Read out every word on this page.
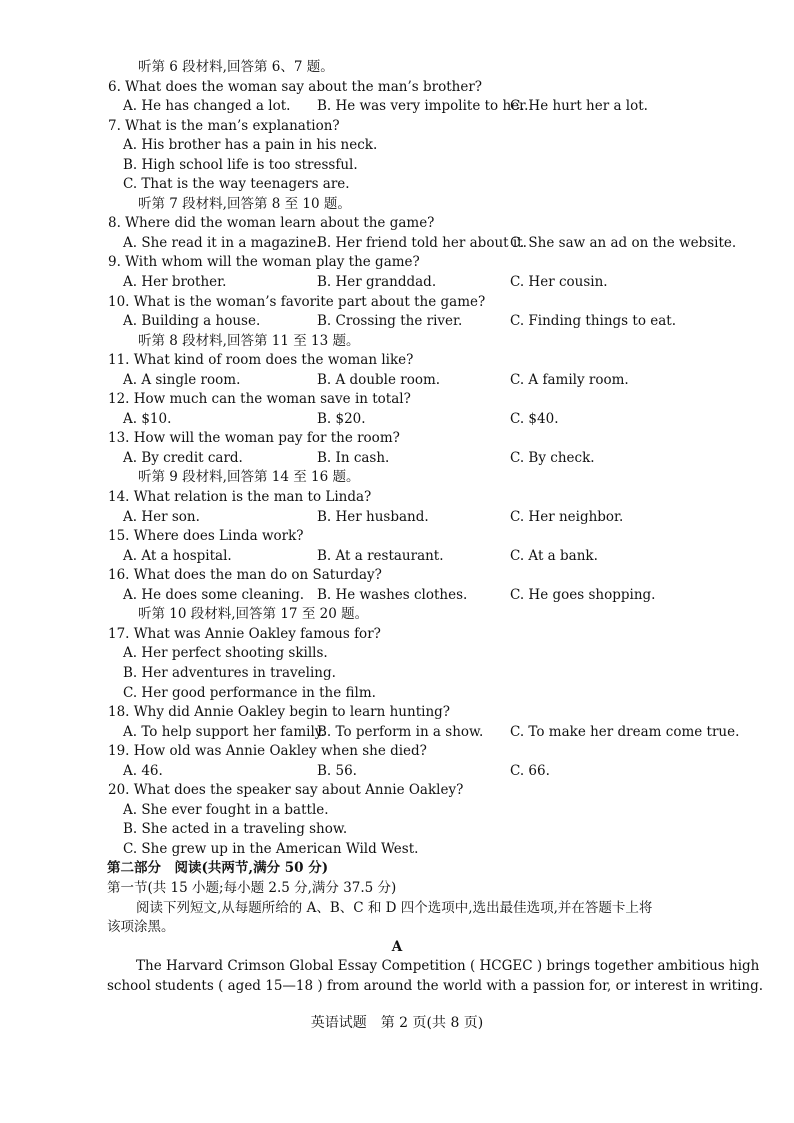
听第 6 段材料,回答第 6、7 题。
6. What does the woman say about the man’s brother?
A. He has changed a lot. B. He was very impolite to her.
C. He hurt her a lot.
7. What is the man’s explanation?
A. His brother has a pain in his neck.
B. High school life is too stressful.
C. That is the way teenagers are.
听第 7 段材料,回答第 8 至 10 题。
8. Where did the woman learn about the game?
A. She read it in a magazine.
B. Her friend told her about it.
C. She saw an ad on the website.
9. With whom will the woman play the game?
A. Her brother.	B. Her granddad.	C. Her cousin.
10. What is the woman’s favorite part about the game?
A. Building a house.	B. Crossing the river.	C. Finding things to eat.
听第 8 段材料,回答第 11 至 13 题。
11. What kind of room does the woman like?
A. A single room.	B. A double room.	C. A family room.
12. How much can the woman save in total?
A. $10.	B. $20.	C. $40.
13. How will the woman pay for the room?
A. By credit card.	B. In cash.	C. By check.
听第 9 段材料,回答第 14 至 16 题。
14. What relation is the man to Linda?
A. Her son.	B. Her husband.	C. Her neighbor.
15. Where does Linda work?
A. At a hospital.	B. At a restaurant.	C. At a bank.
16. What does the man do on Saturday?
A. He does some cleaning. B. He washes clothes.	C. He goes shopping.
听第 10 段材料,回答第 17 至 20 题。
17. What was Annie Oakley famous for?
A. Her perfect shooting skills.
B. Her adventures in traveling.
C. Her good performance in the film.
18. Why did Annie Oakley begin to learn hunting?
A. To help support her family.
B. To perform in a show. C. To make her dream come true.
19. How old was Annie Oakley when she died?
A. 46.	B. 56.	C. 66.
20. What does the speaker say about Annie Oakley?
A. She ever fought in a battle.
B. She acted in a traveling show.
C. She grew up in the American Wild West.
第二部分　阅读(共两节,满分 50 分)
第一节(共 15 小题;每小题 2.5 分,满分 37.5 分)
阅读下列短文,从每题所给的 A、B、C 和 D 四个选项中,选出最佳选项,并在答题卡上将
该项涂黑。
A
The Harvard Crimson Global Essay Competition ( HCGEC ) brings together ambitious high
school students ( aged 15—18 ) from around the world with a passion for, or interest in writing.
英语试题　第 2 页(共 8 页)
